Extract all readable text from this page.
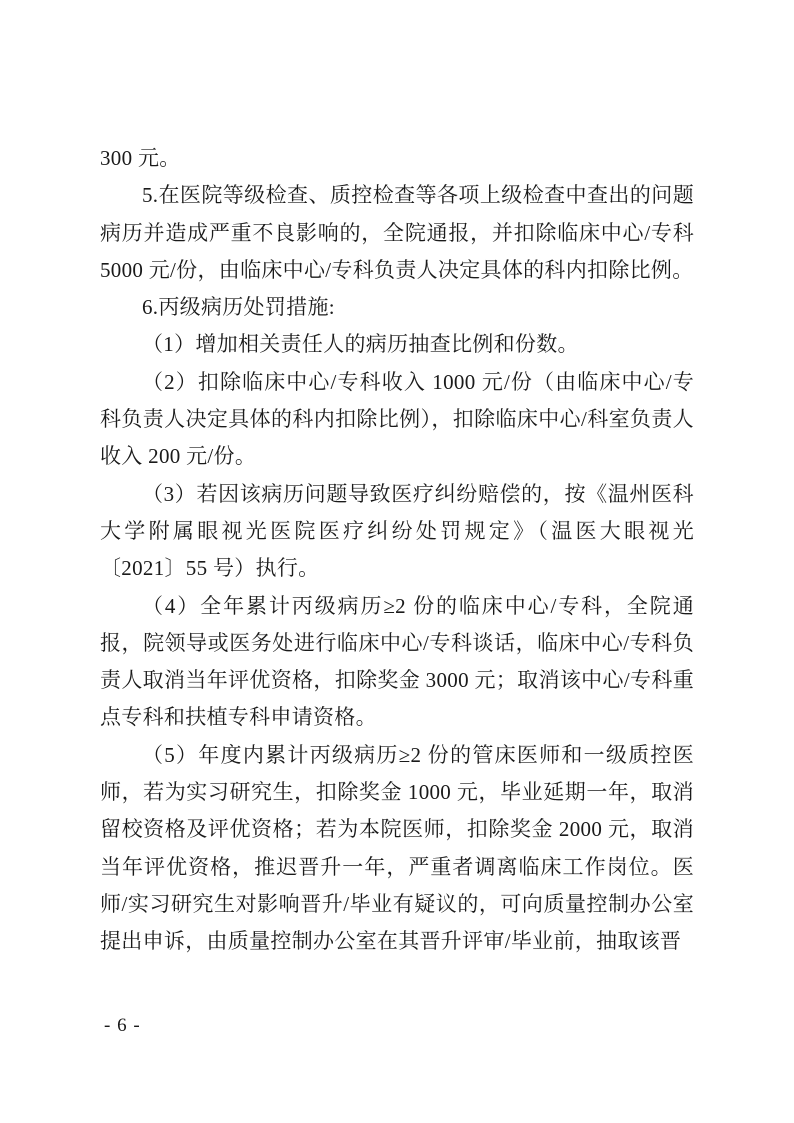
300 元。

5.在医院等级检查、质控检查等各项上级检查中查出的问题病历并造成严重不良影响的，全院通报，并扣除临床中心/专科5000 元/份，由临床中心/专科负责人决定具体的科内扣除比例。

6.丙级病历处罚措施:

（1）增加相关责任人的病历抽查比例和份数。

（2）扣除临床中心/专科收入 1000 元/份（由临床中心/专科负责人决定具体的科内扣除比例），扣除临床中心/科室负责人收入 200 元/份。

（3）若因该病历问题导致医疗纠纷赔偿的，按《温州医科大学附属眼视光医院医疗纠纷处罚规定》（温医大眼视光〔2021〕55 号）执行。

（4）全年累计丙级病历≥2 份的临床中心/专科，全院通报，院领导或医务处进行临床中心/专科谈话，临床中心/专科负责人取消当年评优资格，扣除奖金 3000 元；取消该中心/专科重点专科和扶植专科申请资格。

（5）年度内累计丙级病历≥2 份的管床医师和一级质控医师，若为实习研究生，扣除奖金 1000 元，毕业延期一年，取消留校资格及评优资格；若为本院医师，扣除奖金 2000 元，取消当年评优资格，推迟晋升一年，严重者调离临床工作岗位。医师/实习研究生对影响晋升/毕业有疑议的，可向质量控制办公室提出申诉，由质量控制办公室在其晋升评审/毕业前，抽取该晋

- 6 -
